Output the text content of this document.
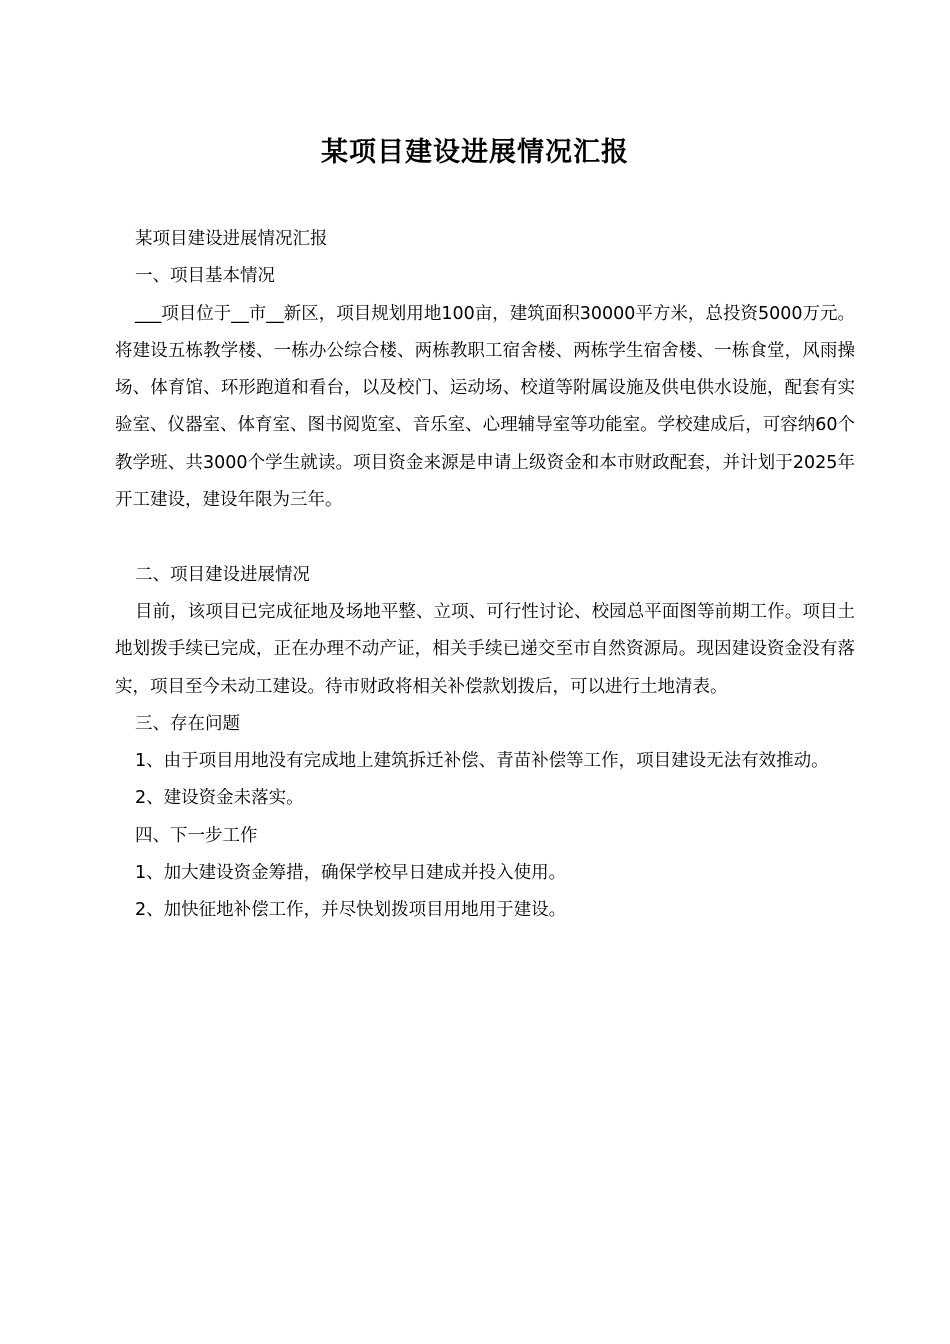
某项目建设进展情况汇报

某项目建设进展情况汇报

一、项目基本情况

___项目位于__市__新区，项目规划用地100亩，建筑面积30000平方米，总投资5000万元。将建设五栋教学楼、一栋办公综合楼、两栋教职工宿舍楼、两栋学生宿舍楼、一栋食堂，风雨操场、体育馆、环形跑道和看台，以及校门、运动场、校道等附属设施及供电供水设施，配套有实验室、仪器室、体育室、图书阅览室、音乐室、心理辅导室等功能室。学校建成后，可容纳60个教学班、共3000个学生就读。项目资金来源是申请上级资金和本市财政配套，并计划于2025年开工建设，建设年限为三年。

二、项目建设进展情况

目前，该项目已完成征地及场地平整、立项、可行性讨论、校园总平面图等前期工作。项目土地划拨手续已完成，正在办理不动产证，相关手续已递交至市自然资源局。现因建设资金没有落实，项目至今未动工建设。待市财政将相关补偿款划拨后，可以进行土地清表。

三、存在问题

1、由于项目用地没有完成地上建筑拆迁补偿、青苗补偿等工作，项目建设无法有效推动。

2、建设资金未落实。

四、下一步工作

1、加大建设资金筹措，确保学校早日建成并投入使用。

2、加快征地补偿工作，并尽快划拨项目用地用于建设。
